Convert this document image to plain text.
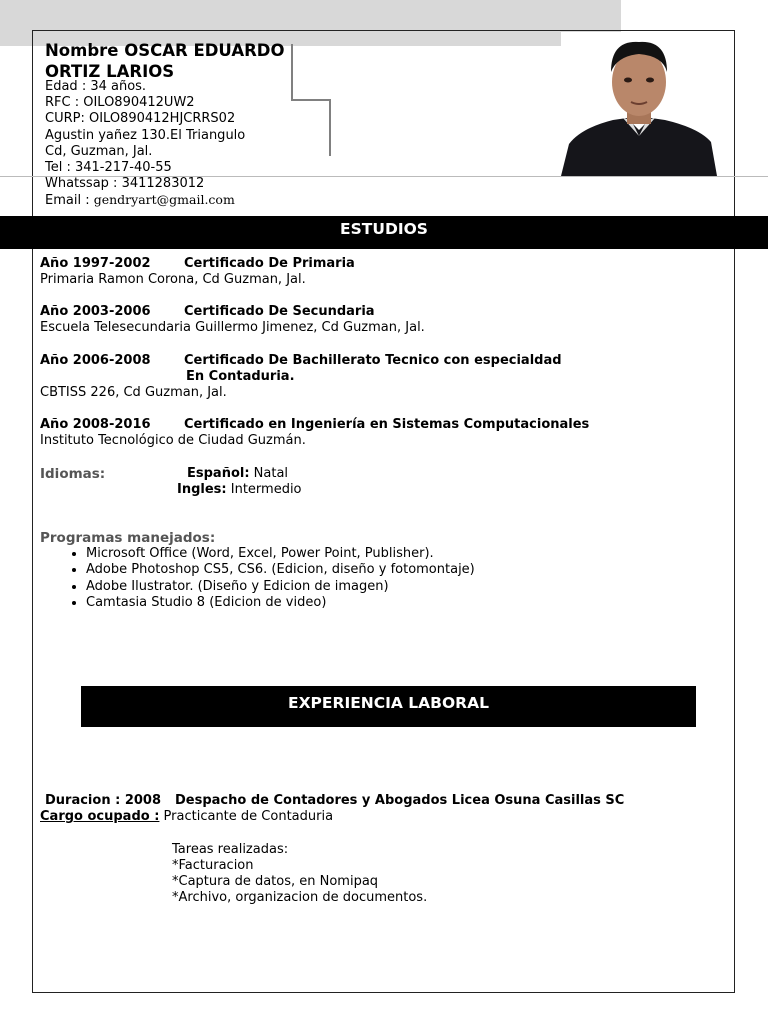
Nombre OSCAR EDUARDO
ORTIZ LARIOS
Edad : 34 años.
RFC : OILO890412UW2
CURP: OILO890412HJCRRS02
Agustin yañez 130.El Triangulo
Cd, Guzman, Jal.
Tel : 341-217-40-55
Whatssap : 3411283012
Email : gendryart@gmail.com
ESTUDIOS
Año 1997-2002	Certificado De Primaria
Primaria Ramon Corona, Cd Guzman, Jal.
Año 2003-2006	Certificado De Secundaria
Escuela Telesecundaria Guillermo Jimenez, Cd Guzman, Jal.
Año 2006-2008	Certificado De Bachillerato Tecnico con especialdad
En Contaduria.
CBTISS 226, Cd Guzman, Jal.
Año 2008-2016	Certificado en Ingeniería en Sistemas Computacionales
Instituto Tecnológico de Ciudad Guzmán.
Idiomas:	Español: Natal
Ingles: Intermedio
Programas manejados:
• Microsoft Office (Word, Excel, Power Point, Publisher).
• Adobe Photoshop CS5, CS6. (Edicion, diseño y fotomontaje)
• Adobe Ilustrator. (Diseño y Edicion de imagen)
• Camtasia Studio 8 (Edicion de video)
EXPERIENCIA LABORAL
Duracion : 2008 Despacho de Contadores y Abogados Licea Osuna Casillas SC
Cargo ocupado : Practicante de Contaduria
Tareas realizadas:
*Facturacion
*Captura de datos, en Nomipaq
*Archivo, organizacion de documentos.
